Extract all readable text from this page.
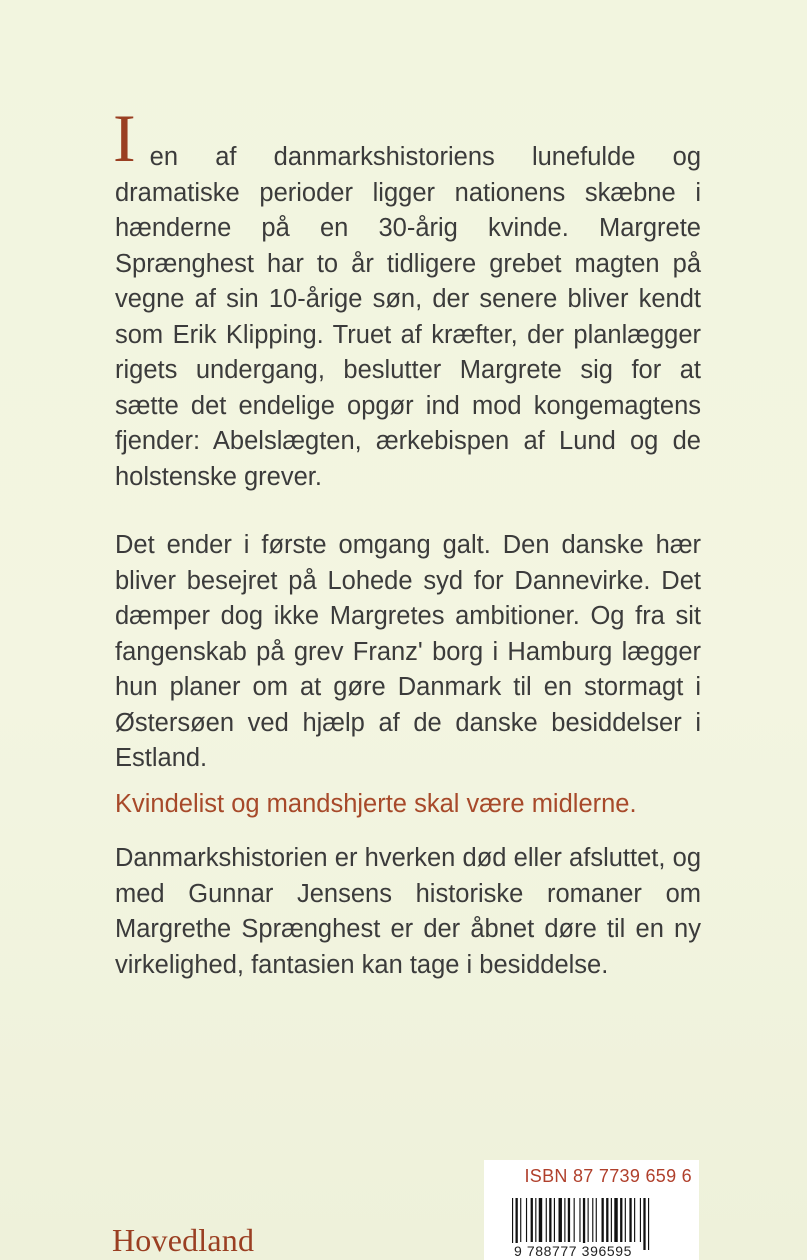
I en af danmarkshistoriens lunefulde og dramatiske perioder ligger nationens skæbne i hænderne på en 30-årig kvinde. Margrete Sprænghest har to år tidligere grebet magten på vegne af sin 10-årige søn, der senere bliver kendt som Erik Klipping. Truet af kræfter, der planlægger rigets undergang, beslutter Margrete sig for at sætte det endelige opgør ind mod kongemagtens fjender: Abelslægten, ærkebispen af Lund og de holstenske grever.
Det ender i første omgang galt. Den danske hær bliver besejret på Lohede syd for Dannevirke. Det dæmper dog ikke Margretes ambitioner. Og fra sit fangenskab på grev Franz' borg i Hamburg lægger hun planer om at gøre Danmark til en stormagt i Østersøen ved hjælp af de danske besiddelser i Estland.
Kvindelist og mandshjerte skal være midlerne.
Danmarkshistorien er hverken død eller afsluttet, og med Gunnar Jensens historiske romaner om Margrethe Sprænghest er der åbnet døre til en ny virkelighed, fantasien kan tage i besiddelse.
Hovedland
ISBN 87 7739 659 6
9 788777 396595
